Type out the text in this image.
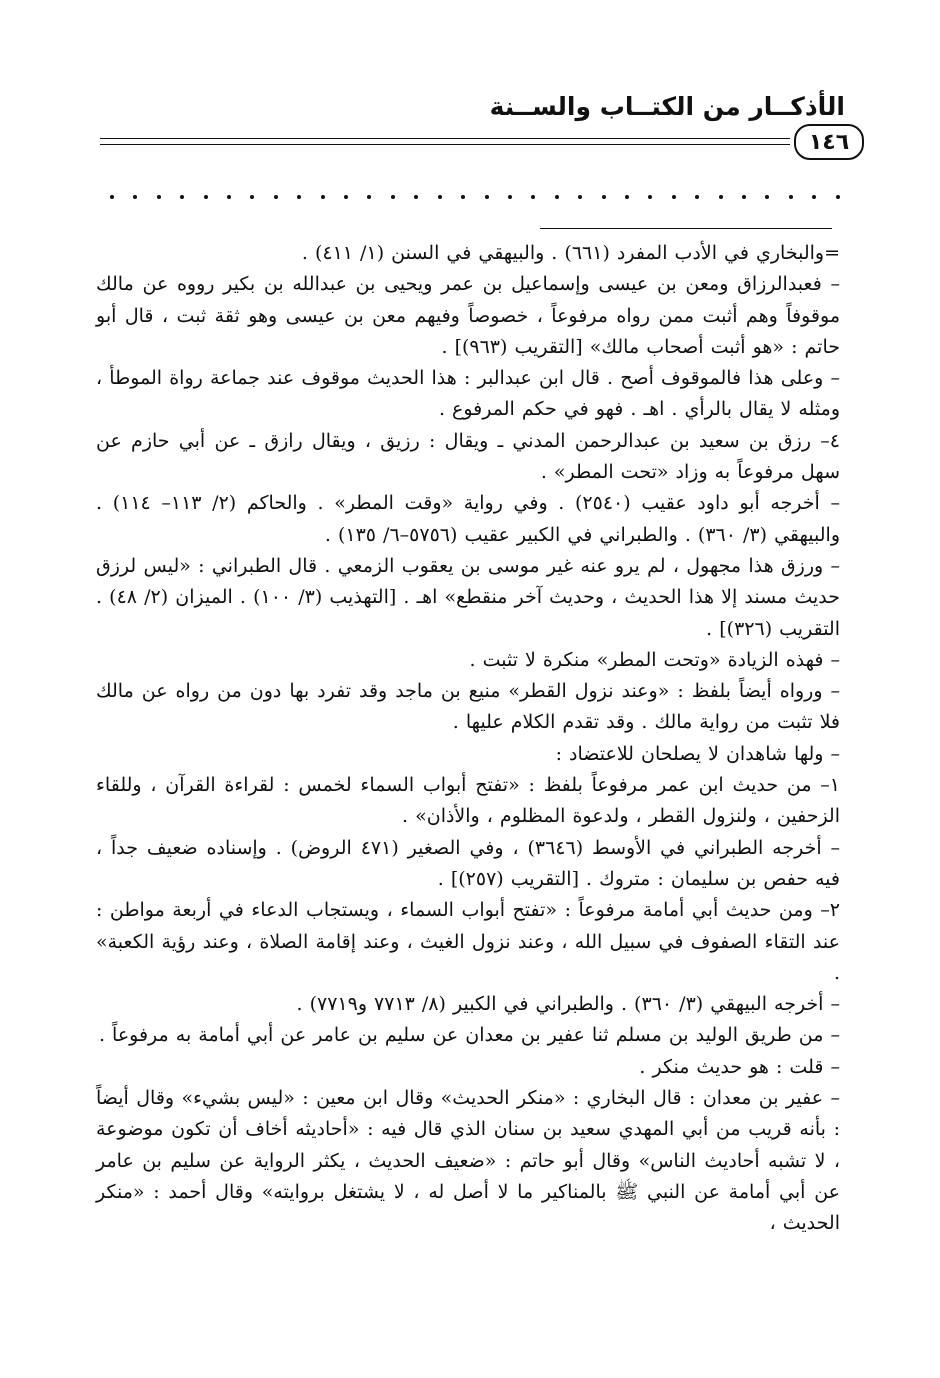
الأذكــار من الكتــاب والســنة
١٤٦

=والبخاري في الأدب المفرد (٦٦١) . والبيهقي في السنن (١/ ٤١١) .

– فعبدالرزاق ومعن بن عيسى وإسماعيل بن عمر ويحيى بن عبدالله بن بكير رووه عن مالك موقوفاً وهم أثبت ممن رواه مرفوعاً ، خصوصاً وفيهم معن بن عيسى وهو ثقة ثبت ، قال أبو حاتم : «هو أثبت أصحاب مالك» [التقريب (٩٦٣)] .

– وعلى هذا فالموقوف أصح . قال ابن عبدالبر : هذا الحديث موقوف عند جماعة رواة الموطأ ، ومثله لا يقال بالرأي . اهـ . فهو في حكم المرفوع .

٤– رزق بن سعيد بن عبدالرحمن المدني ـ ويقال : رزيق ، ويقال رازق ـ عن أبي حازم عن سهل مرفوعاً به وزاد «تحت المطر» .

– أخرجه أبو داود عقيب (٢٥٤٠) . وفي رواية «وقت المطر» . والحاكم (٢/ ١١٣– ١١٤) . والبيهقي (٣/ ٣٦٠) . والطبراني في الكبير عقيب (٥٧٥٦–٦/ ١٣٥) .

– ورزق هذا مجهول ، لم يرو عنه غير موسى بن يعقوب الزمعي . قال الطبراني : «ليس لرزق حديث مسند إلا هذا الحديث ، وحديث آخر منقطع» اهـ . [التهذيب (٣/ ١٠٠) . الميزان (٢/ ٤٨) . التقريب (٣٢٦)] .

– فهذه الزيادة «وتحت المطر» منكرة لا تثبت .

– ورواه أيضاً بلفظ : «وعند نزول القطر» منيع بن ماجد وقد تفرد بها دون من رواه عن مالك فلا تثبت من رواية مالك . وقد تقدم الكلام عليها .

– ولها شاهدان لا يصلحان للاعتضاد :

١– من حديث ابن عمر مرفوعاً بلفظ : «تفتح أبواب السماء لخمس : لقراءة القرآن ، وللقاء الزحفين ، ولنزول القطر ، ولدعوة المظلوم ، والأذان» .

– أخرجه الطبراني في الأوسط (٣٦٤٦) ، وفي الصغير (٤٧١ الروض) . وإسناده ضعيف جداً ، فيه حفص بن سليمان : متروك . [التقريب (٢٥٧)] .

٢– ومن حديث أبي أمامة مرفوعاً : «تفتح أبواب السماء ، ويستجاب الدعاء في أربعة مواطن : عند التقاء الصفوف في سبيل الله ، وعند نزول الغيث ، وعند إقامة الصلاة ، وعند رؤية الكعبة» .

– أخرجه البيهقي (٣/ ٣٦٠) . والطبراني في الكبير (٨/ ٧٧١٣ و٧٧١٩) .

– من طريق الوليد بن مسلم ثنا عفير بن معدان عن سليم بن عامر عن أبي أمامة به مرفوعاً .

– قلت : هو حديث منكر .

– عفير بن معدان : قال البخاري : «منكر الحديث» وقال ابن معين : «ليس بشيء» وقال أيضاً : بأنه قريب من أبي المهدي سعيد بن سنان الذي قال فيه : «أحاديثه أخاف أن تكون موضوعة ، لا تشبه أحاديث الناس» وقال أبو حاتم : «ضعيف الحديث ، يكثر الرواية عن سليم بن عامر عن أبي أمامة عن النبي ﷺ بالمناكير ما لا أصل له ، لا يشتغل بروايته» وقال أحمد : «منكر الحديث ،
